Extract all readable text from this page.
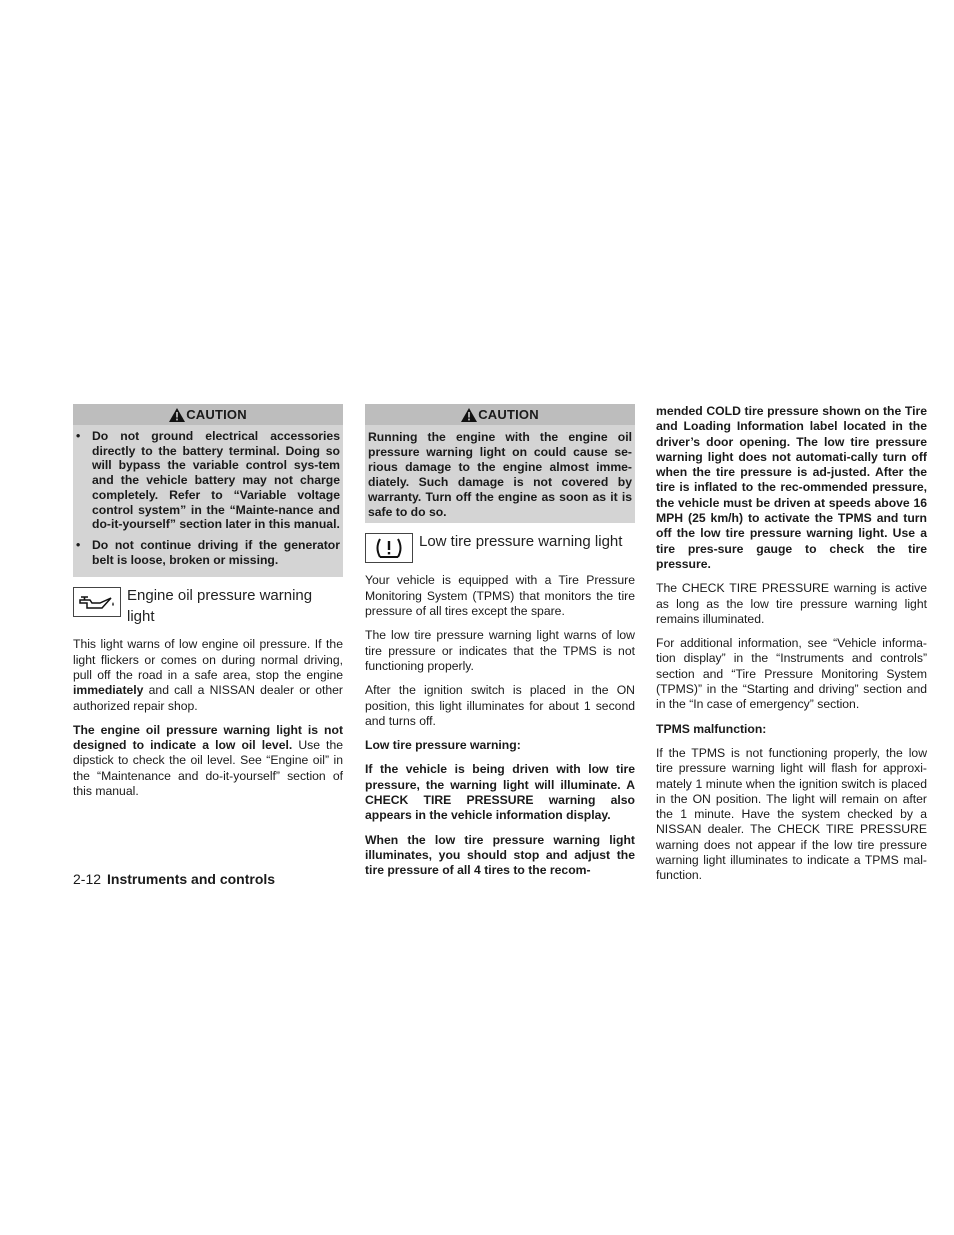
CAUTION
• Do not ground electrical accessories directly to the battery terminal. Doing so will bypass the variable control sys-tem and the vehicle battery may not charge completely. Refer to “Variable voltage control system” in the “Mainte-nance and do-it-yourself” section later in this manual.
• Do not continue driving if the generator belt is loose, broken or missing.
Engine oil pressure warning light

This light warns of low engine oil pressure. If the light flickers or comes on during normal driving, pull off the road in a safe area, stop the engine immediately and call a NISSAN dealer or other authorized repair shop.

The engine oil pressure warning light is not designed to indicate a low oil level. Use the dipstick to check the oil level. See “Engine oil” in the “Maintenance and do-it-yourself” section of this manual.

CAUTION
Running the engine with the engine oil pressure warning light on could cause se-rious damage to the engine almost imme-diately. Such damage is not covered by warranty. Turn off the engine as soon as it is safe to do so.
Low tire pressure warning light

Your vehicle is equipped with a Tire Pressure Monitoring System (TPMS) that monitors the tire pressure of all tires except the spare.

The low tire pressure warning light warns of low tire pressure or indicates that the TPMS is not functioning properly.

After the ignition switch is placed in the ON position, this light illuminates for about 1 second and turns off.

Low tire pressure warning:

If the vehicle is being driven with low tire pressure, the warning light will illuminate. A CHECK TIRE PRESSURE warning also appears in the vehicle information display.

When the low tire pressure warning light illuminates, you should stop and adjust the tire pressure of all 4 tires to the recom-

mended COLD tire pressure shown on the Tire and Loading Information label located in the driver’s door opening. The low tire pressure warning light does not automati-cally turn off when the tire pressure is ad-justed. After the tire is inflated to the rec-ommended pressure, the vehicle must be driven at speeds above 16 MPH (25 km/h) to activate the TPMS and turn off the low tire pressure warning light. Use a tire pres-sure gauge to check the tire pressure.

The CHECK TIRE PRESSURE warning is active as long as the low tire pressure warning light remains illuminated.

For additional information, see “Vehicle informa-tion display” in the “Instruments and controls” section and “Tire Pressure Monitoring System (TPMS)” in the “Starting and driving” section and in the “In case of emergency” section.

TPMS malfunction:

If the TPMS is not functioning properly, the low tire pressure warning light will flash for approxi-mately 1 minute when the ignition switch is placed in the ON position. The light will remain on after the 1 minute. Have the system checked by a NISSAN dealer. The CHECK TIRE PRESSURE warning does not appear if the low tire pressure warning light illuminates to indicate a TPMS mal-function.

2-12 Instruments and controls
